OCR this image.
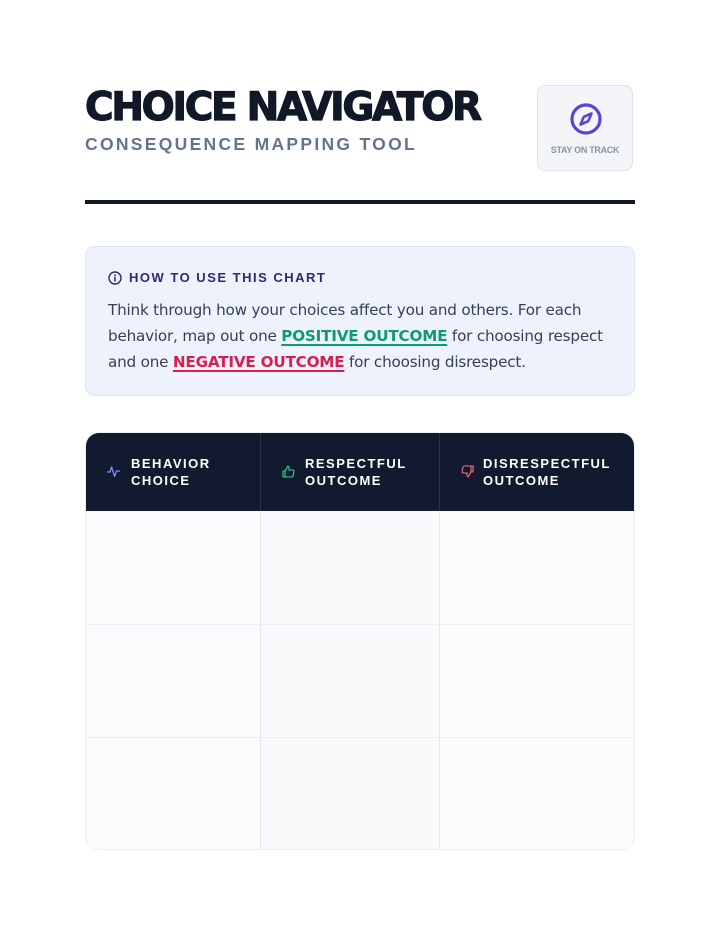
CHOICE NAVIGATOR
CONSEQUENCE MAPPING TOOL	STAY ON TRACK
HOW TO USE THIS CHART

Think through how your choices affect you and others. For each behavior, map out one POSITIVE OUTCOME for choosing respect and one NEGATIVE OUTCOME for choosing disrespect.

BEHAVIOR CHOICE
RESPECTFUL OUTCOME
DISRESPECTFUL OUTCOME
